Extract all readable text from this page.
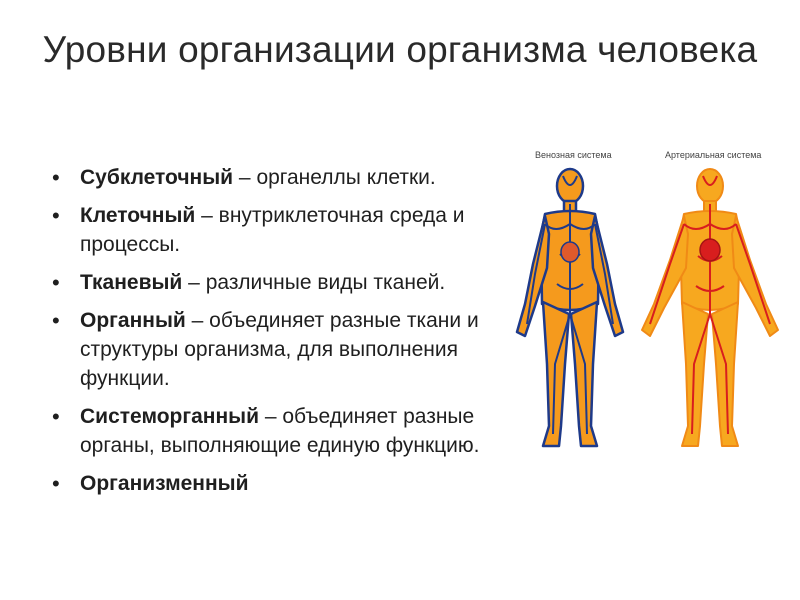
Уровни организации организма человека
• Субклеточный – органеллы клетки.
• Клеточный – внутриклеточная среда и процессы.
• Тканевый – различные виды тканей.
• Органный – объединяет разные ткани и структуры организма, для выполнения функции.
• Системорганный – объединяет разные органы, выполняющие единую функцию.
• Организменный
Венозная система	Артериальная система
